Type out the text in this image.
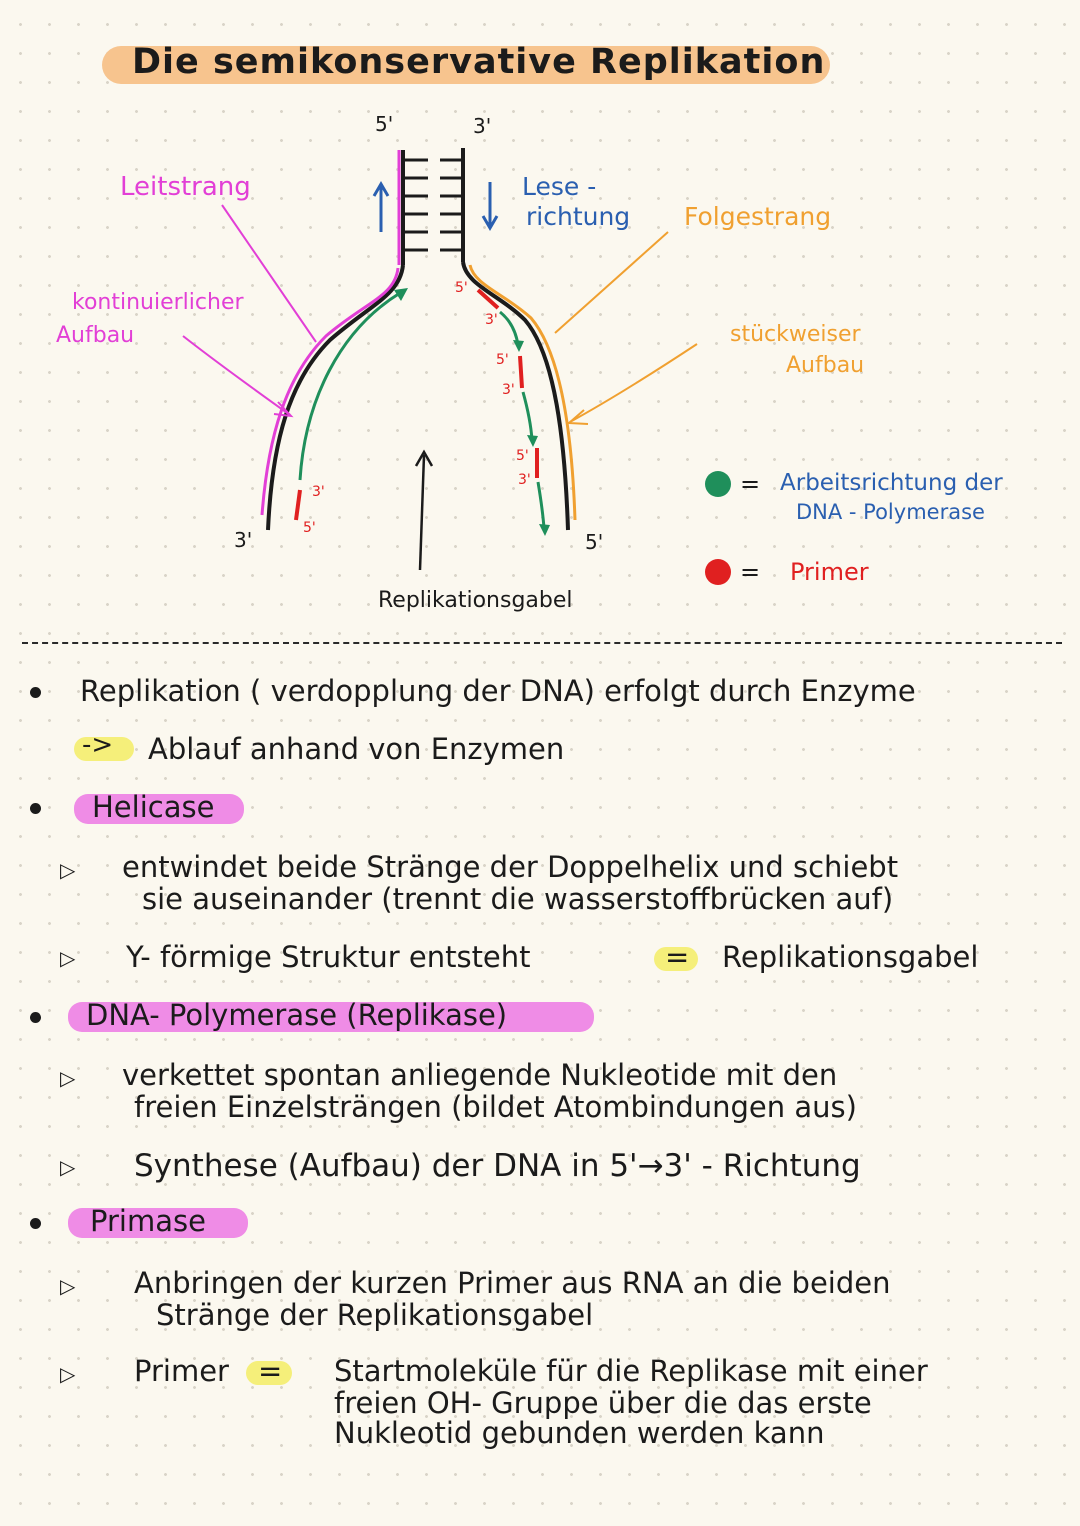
Die semikonservative Replikation
5'	3'
Leitstrang	Lese -
richtung Folgestrang
kontinuierlicher
Aufbau	stückweiser
Aufbau
3'	5'
3'
5'
5'
3'
5'
3'
5'
3'
Replikationsgabel
= Arbeitsrichtung der
DNA - Polymerase
= Primer
Replikation ( verdopplung der DNA) erfolgt durch Enzyme
-> Ablauf anhand von Enzymen
Helicase
▷ entwindet beide Stränge der Doppelhelix und schiebt
sie auseinander (trennt die wasserstoffbrücken auf)
▷ Y- förmige Struktur entsteht	= Replikationsgabel
DNA- Polymerase (Replikase)
▷ verkettet spontan anliegende Nukleotide mit den
freien Einzelsträngen (bildet Atombindungen aus)
▷ Synthese (Aufbau) der DNA in 5'→3' - Richtung
Primase
▷ Anbringen der kurzen Primer aus RNA an die beiden
Stränge der Replikationsgabel
▷ Primer = Startmoleküle für die Replikase mit einer
freien OH- Gruppe über die das erste
Nukleotid gebunden werden kann
